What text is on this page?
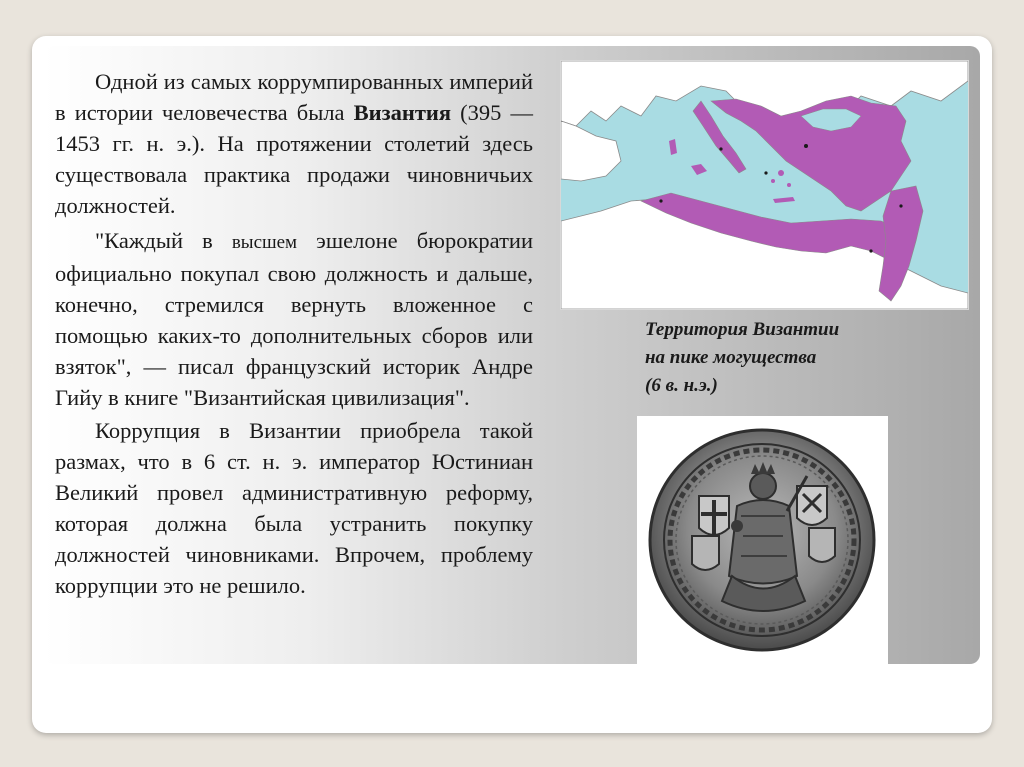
Одной из самых коррумпированных империй в истории человечества была Византия (395 — 1453 гг. н. э.). На протяжении столетий здесь существовала практика продажи чиновничьих должностей.

"Каждый в высшем эшелоне бюрократии официально покупал свою должность и дальше, конечно, стремился вернуть вложенное с помощью каких-то дополнительных сборов или взяток", — писал французский историк Андре Гийу в книге "Византийская цивилизация".

Коррупция в Византии приобрела такой размах, что в 6 ст. н. э. император Юстиниан Великий провел административную реформу, которая должна была устранить покупку должностей чиновниками. Впрочем, проблему коррупции это не решило.

Территория Византии
на пике могущества
(6 в. н.э.)
